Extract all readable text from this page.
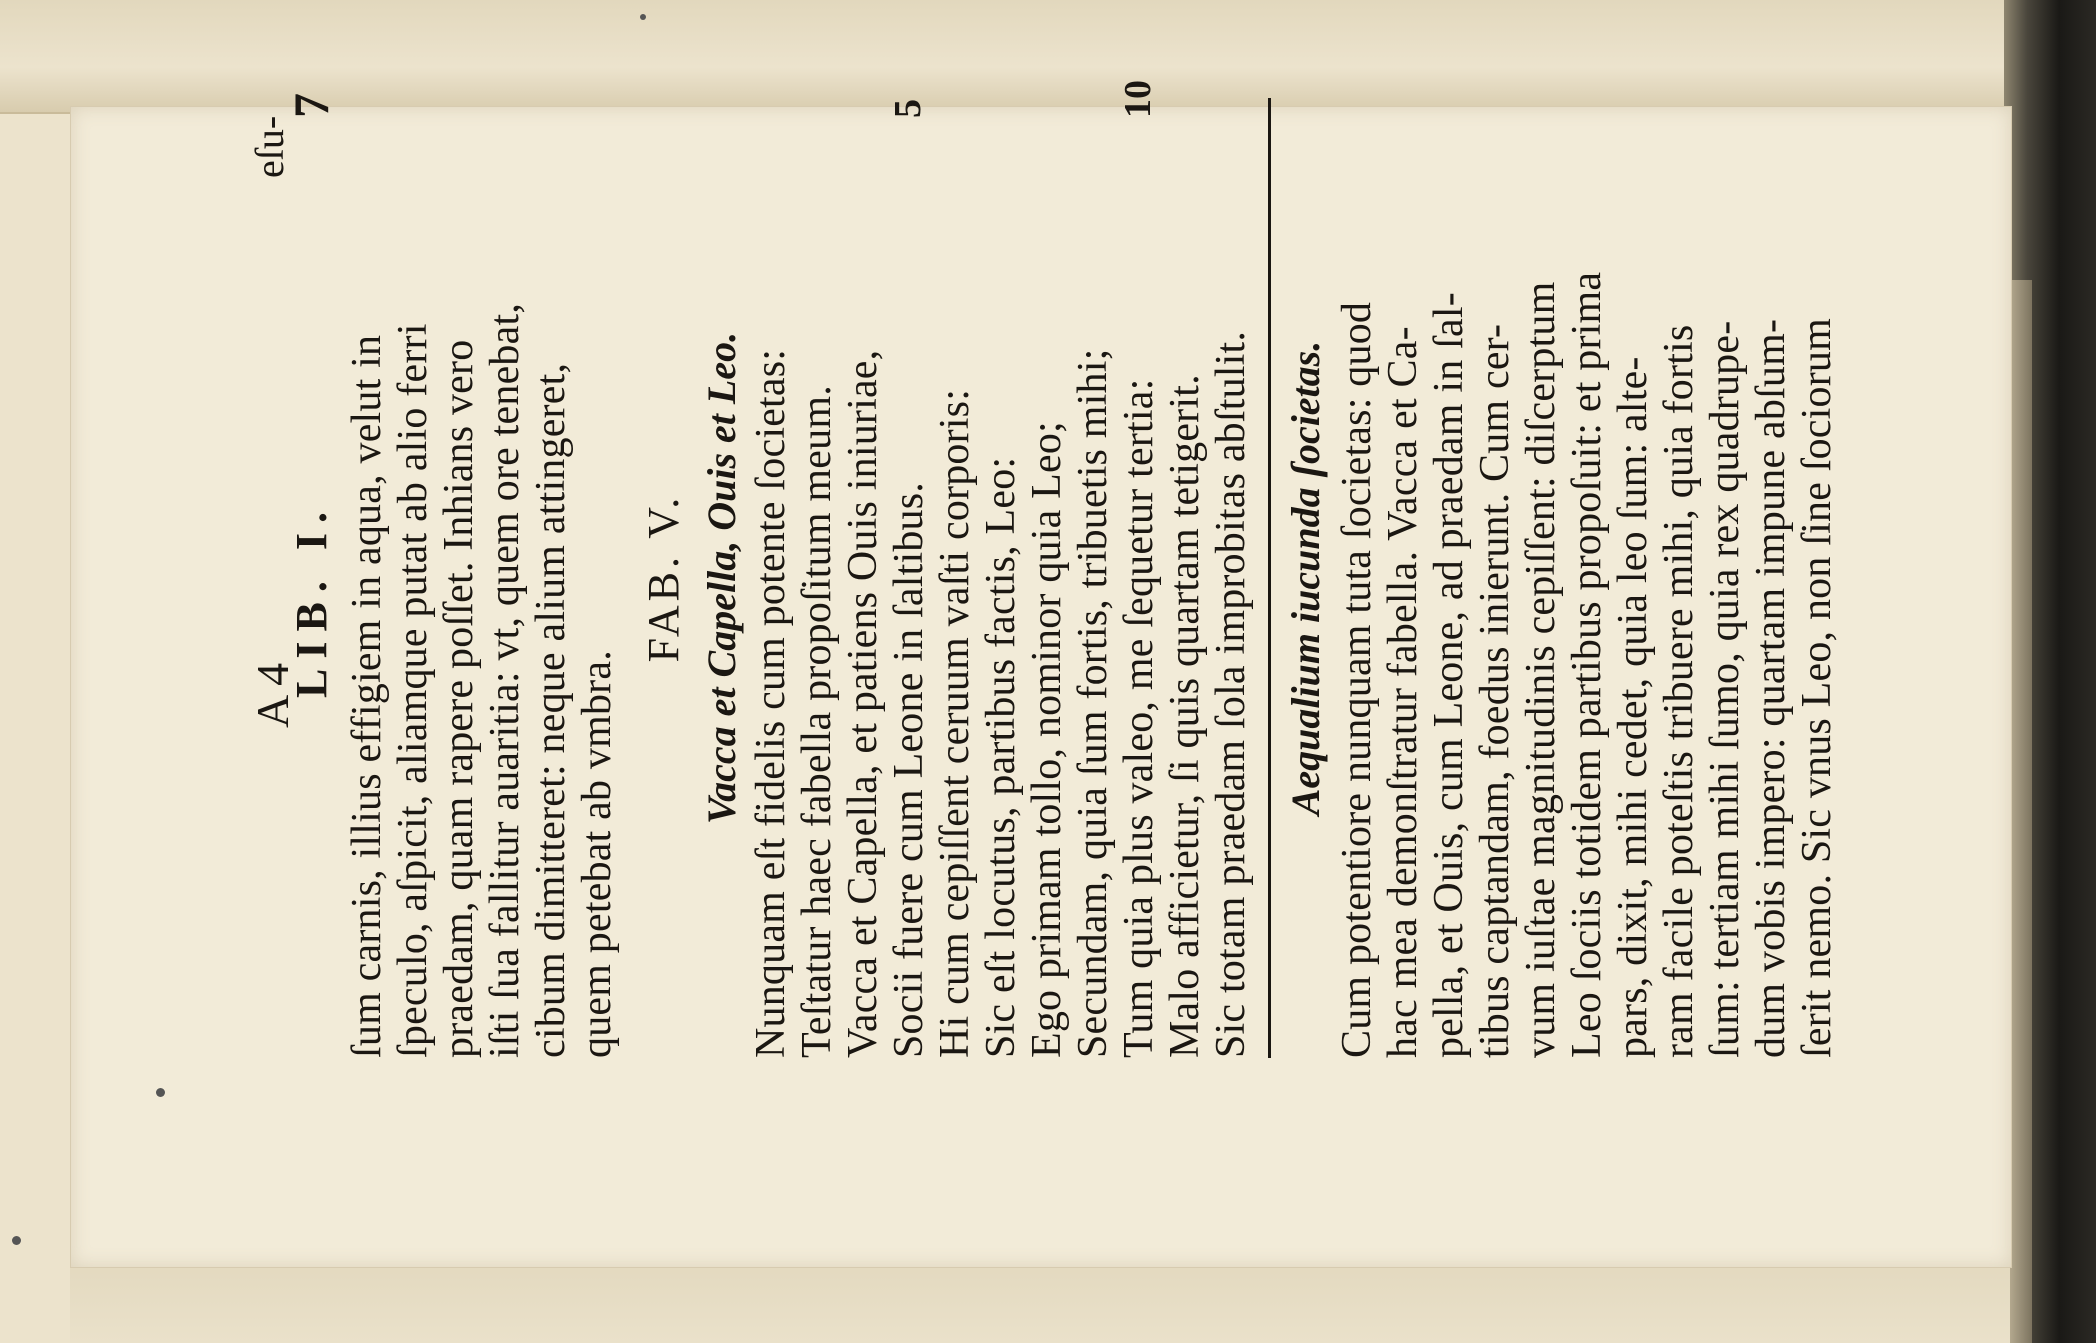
LIB. I.
7
ſum carnis, illius effigiem in aqua, velut in ſpeculo, aſpicit, aliamque putat ab alio ferri praedam, quam rapere poſſet. Inhians vero iſti ſua fallitur auaritia: vt, quem ore tenebat, cibum dimitteret: neque alium attingeret, quem petebat ab vmbra.
FAB. V. Vacca et Capella, Ouis et Leo. Nunquam eſt fidelis cum potente ſocietas: Teſtatur haec fabella propoſitum meum. Vacca et Capella, et patiens Ouis iniuriae, Socii fuere cum Leone in ſaltibus.
5
Hi cum cepiſſent ceruum vaſti corporis: Sic eſt locutus, partibus factis, Leo: Ego primam tollo, nominor quia Leo; Secundam, quia ſum fortis, tribuetis mihi; Tum quia plus valeo, me ſequetur tertia:
10
Malo afficietur, ſi quis quartam tetigerit. Sic totam praedam ſola improbitas abſtulit. Aequalium iucunda ſocietas. Cum potentiore nunquam tuta ſocietas: quod hac mea demonſtratur fabella. Vacca et Ca- pella, et Ouis, cum Leone, ad praedam in ſal- tibus captandam, foedus inierunt. Cum cer- vum iuſtae magnitudinis cepiſſent: diſcerptum Leo ſociis totidem partibus propoſuit: et prima pars, dixit, mihi cedet, quia leo ſum: alte- ram facile poteſtis tribuere mihi, quia fortis ſum: tertiam mihi ſumo, quia rex quadrupe- dum vobis impero: quartam impune abſum- ſerit nemo. Sic vnus Leo, non ſine ſociorum
A 4
eſu-
